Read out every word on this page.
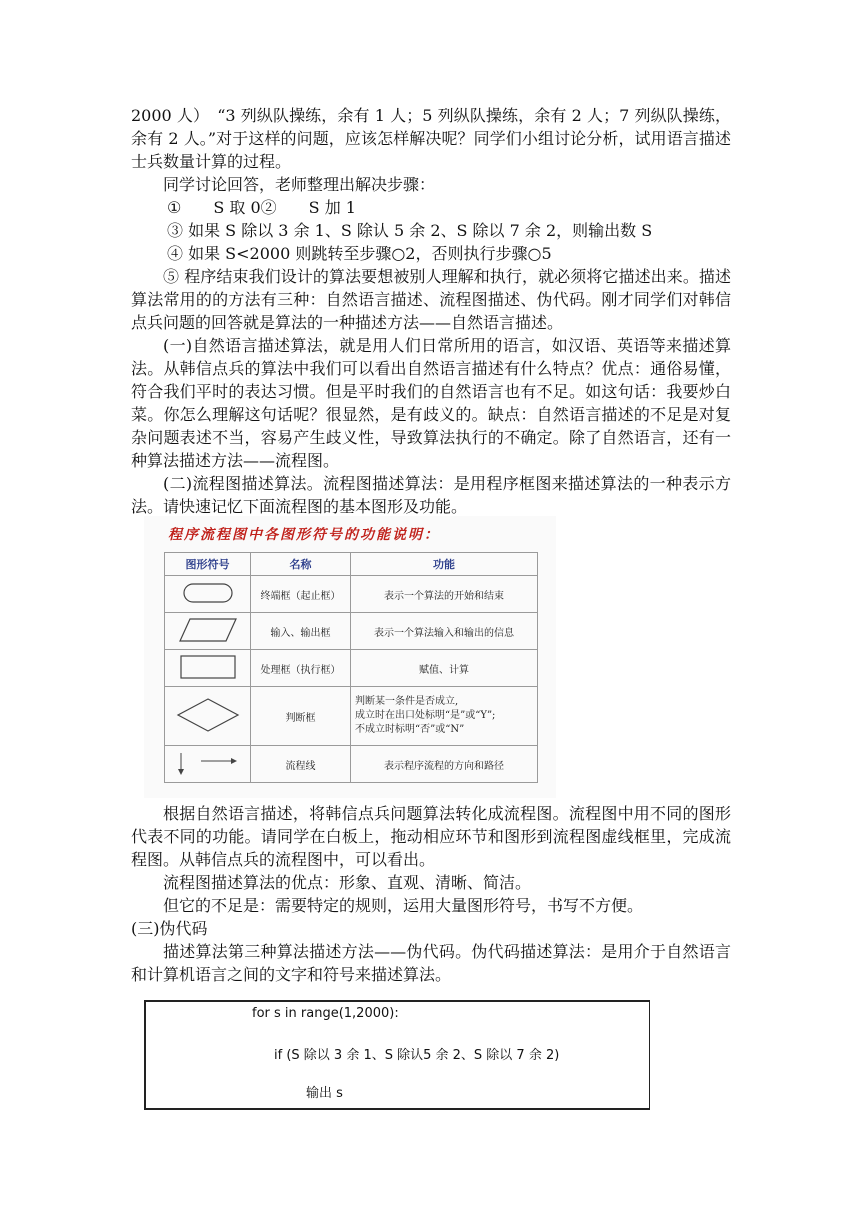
2000 人）　“3 列纵队操练，余有 1 人；5 列纵队操练，余有 2 人；7 列纵队操练，余有 2 人。”对于这样的问题，应该怎样解决呢？同学们小组讨论分析，试用语言描述士兵数量计算的过程。

同学讨论回答，老师整理出解决步骤：

①　　S 取 0②　　S 加 1

③ 如果 S 除以 3 余 1、S 除认 5 余 2、S 除以 7 余 2，则输出数 S

④ 如果 S<2000 则跳转至步骤○2，否则执行步骤○5

⑤ 程序结束我们设计的算法要想被别人理解和执行，就必须将它描述出来。描述算法常用的的方法有三种：自然语言描述、流程图描述、伪代码。刚才同学们对韩信点兵问题的回答就是算法的一种描述方法——自然语言描述。

(一)自然语言描述算法，就是用人们日常所用的语言，如汉语、英语等来描述算法。从韩信点兵的算法中我们可以看出自然语言描述有什么特点？优点：通俗易懂，符合我们平时的表达习惯。但是平时我们的自然语言也有不足。如这句话：我要炒白菜。你怎么理解这句话呢？很显然，是有歧义的。缺点：自然语言描述的不足是对复杂问题表述不当，容易产生歧义性，导致算法执行的不确定。除了自然语言，还有一种算法描述方法——流程图。

(二)流程图描述算法。流程图描述算法：是用程序框图来描述算法的一种表示方法。请快速记忆下面流程图的基本图形及功能。

程序流程图中各图形符号的功能说明：
图形符号	名称	功能
	终端框（起止框）	表示一个算法的开始和结束
	输入、输出框	表示一个算法输入和输出的信息
	处理框（执行框）	赋值、计算
	判断框	判断某一条件是否成立,
成立时在出口处标明“是”或“Y”;
不成立时标明“否”或“N”

	流程线	表示程序流程的方向和路径

根据自然语言描述，将韩信点兵问题算法转化成流程图。流程图中用不同的图形代表不同的功能。请同学在白板上，拖动相应环节和图形到流程图虚线框里，完成流程图。从韩信点兵的流程图中，可以看出。

流程图描述算法的优点：形象、直观、清晰、简洁。

但它的不足是：需要特定的规则，运用大量图形符号，书写不方便。

(三)伪代码

描述算法第三种算法描述方法——伪代码。伪代码描述算法：是用介于自然语言和计算机语言之间的文字和符号来描述算法。

for s in range(1,2000):
if (S 除以 3 余 1、S 除认5 余 2、S 除以 7 余 2)
输出 s
